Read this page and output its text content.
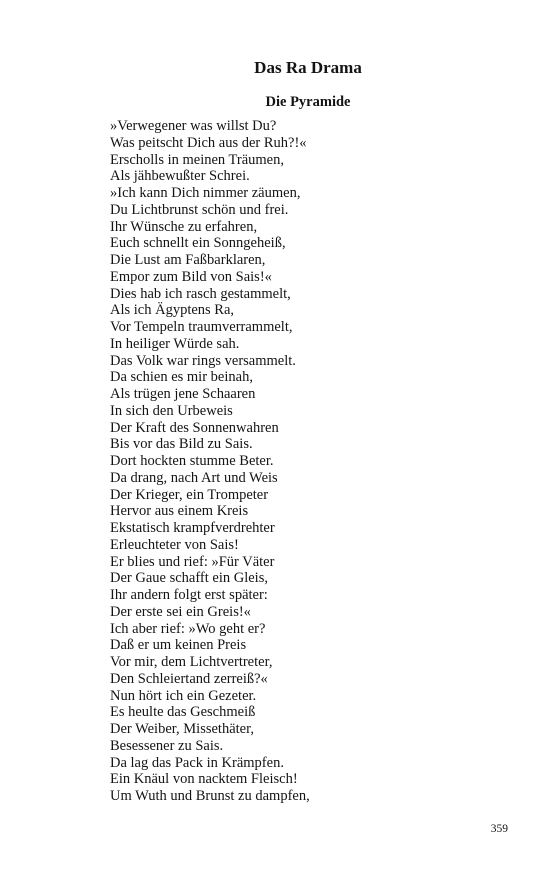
Das Ra Drama
Die Pyramide
»Verwegener was willst Du?
Was peitscht Dich aus der Ruh?!«
Erscholls in meinen Träumen,
Als jähbewußter Schrei.
»Ich kann Dich nimmer zäumen,
Du Lichtbrunst schön und frei.
Ihr Wünsche zu erfahren,
Euch schnellt ein Sonngeheiß,
Die Lust am Faßbarklaren,
Empor zum Bild von Sais!«
Dies hab ich rasch gestammelt,
Als ich Ägyptens Ra,
Vor Tempeln traumverrammelt,
In heiliger Würde sah.
Das Volk war rings versammelt.
Da schien es mir beinah,
Als trügen jene Schaaren
In sich den Urbeweis
Der Kraft des Sonnenwahren
Bis vor das Bild zu Sais.
Dort hockten stumme Beter.
Da drang, nach Art und Weis
Der Krieger, ein Trompeter
Hervor aus einem Kreis
Ekstatisch krampfverdrehter
Erleuchteter von Sais!
Er blies und rief: »Für Väter
Der Gaue schafft ein Gleis,
Ihr andern folgt erst später:
Der erste sei ein Greis!«
Ich aber rief: »Wo geht er?
Daß er um keinen Preis
Vor mir, dem Lichtvertreter,
Den Schleiertand zerreiß?«
Nun hört ich ein Gezeter.
Es heulte das Geschmeiß
Der Weiber, Missethäter,
Besessener zu Sais.
Da lag das Pack in Krämpfen.
Ein Knäul von nacktem Fleisch!
Um Wuth und Brunst zu dampfen,
359
